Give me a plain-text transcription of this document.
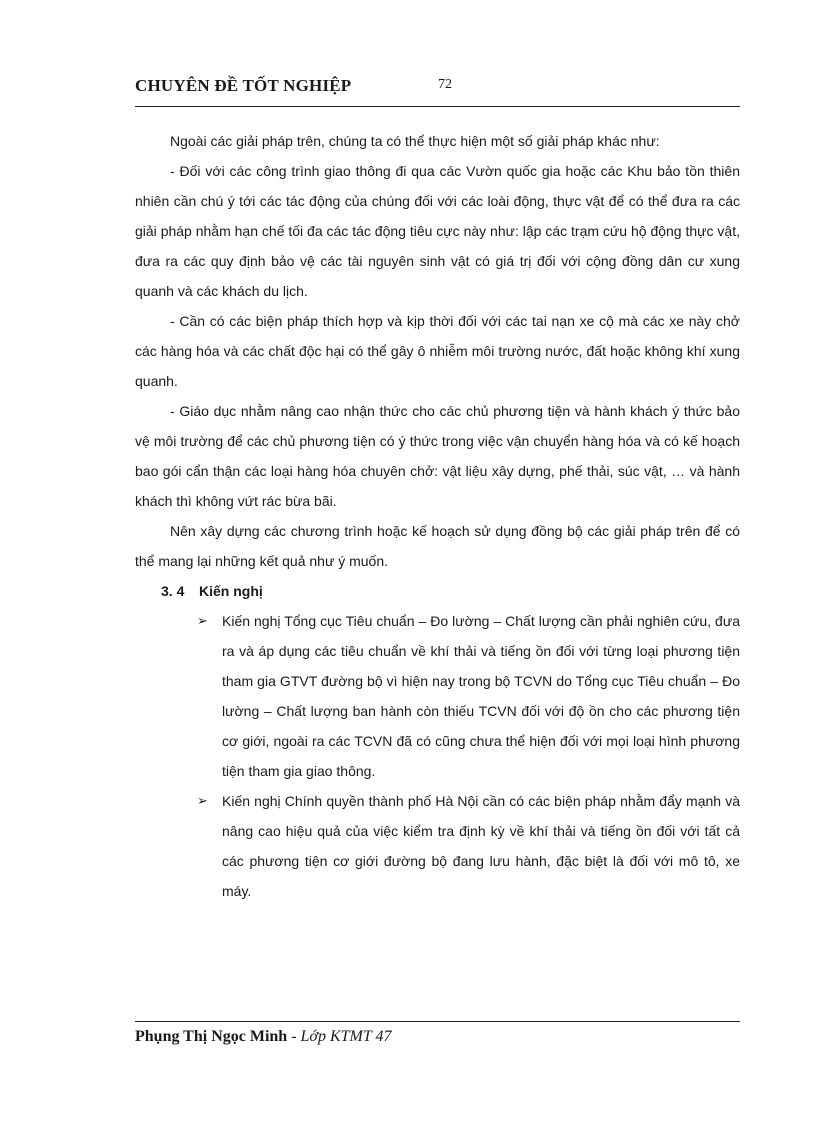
CHUYÊN ĐỀ TỐT NGHIỆP	72

Ngoài các giải pháp trên, chúng ta có thể thực hiện một số giải pháp khác như:

- Đối với các công trình giao thông đi qua các Vườn quốc gia hoặc các Khu bảo tồn thiên nhiên cần chú ý tới các tác động của chúng đối với các loài động, thực vật để có thể đưa ra các giải pháp nhằm hạn chế tối đa các tác động tiêu cực này như: lập các trạm cứu hộ động thực vật, đưa ra các quy định bảo vệ các tài nguyên sinh vật có giá trị đối với cộng đồng dân cư xung quanh và các khách du lịch.

- Cần có các biện pháp thích hợp và kịp thời đối với các tai nạn xe cộ mà các xe này chở các hàng hóa và các chất độc hại có thể gây ô nhiễm môi trường nước, đất hoặc không khí xung quanh.

- Giáo dục nhằm nâng cao nhận thức cho các chủ phương tiện và hành khách ý thức bảo vệ môi trường để các chủ phương tiện có ý thức trong việc vận chuyển hàng hóa và có kế hoạch bao gói cẩn thận các loại hàng hóa chuyên chở: vật liệu xây dựng, phế thải, súc vật, … và hành khách thì không vứt rác bừa bãi.

Nên xây dựng các chương trình hoặc kế hoạch sử dụng đồng bộ các giải pháp trên để có thể mang lại những kết quả như ý muốn.

3. 4 Kiến nghị

➢ Kiến nghị Tổng cục Tiêu chuẩn – Đo lường – Chất lượng cần phải nghiên cứu, đưa ra và áp dụng các tiêu chuẩn về khí thải và tiếng ồn đối với từng loại phương tiện tham gia GTVT đường bộ vì hiện nay trong bộ TCVN do Tổng cục Tiêu chuẩn – Đo lường – Chất lượng ban hành còn thiếu TCVN đối với độ ồn cho các phương tiện cơ giới, ngoài ra các TCVN đã có cũng chưa thể hiện đối với mọi loại hình phương tiện tham gia giao thông.
➢ Kiến nghị Chính quyền thành phố Hà Nội cần có các biện pháp nhằm đẩy mạnh và nâng cao hiệu quả của việc kiểm tra định kỳ về khí thải và tiếng ồn đối với tất cả các phương tiện cơ giới đường bộ đang lưu hành, đặc biệt là đối với mô tô, xe máy.
Phụng Thị Ngọc Minh - Lớp KTMT 47
